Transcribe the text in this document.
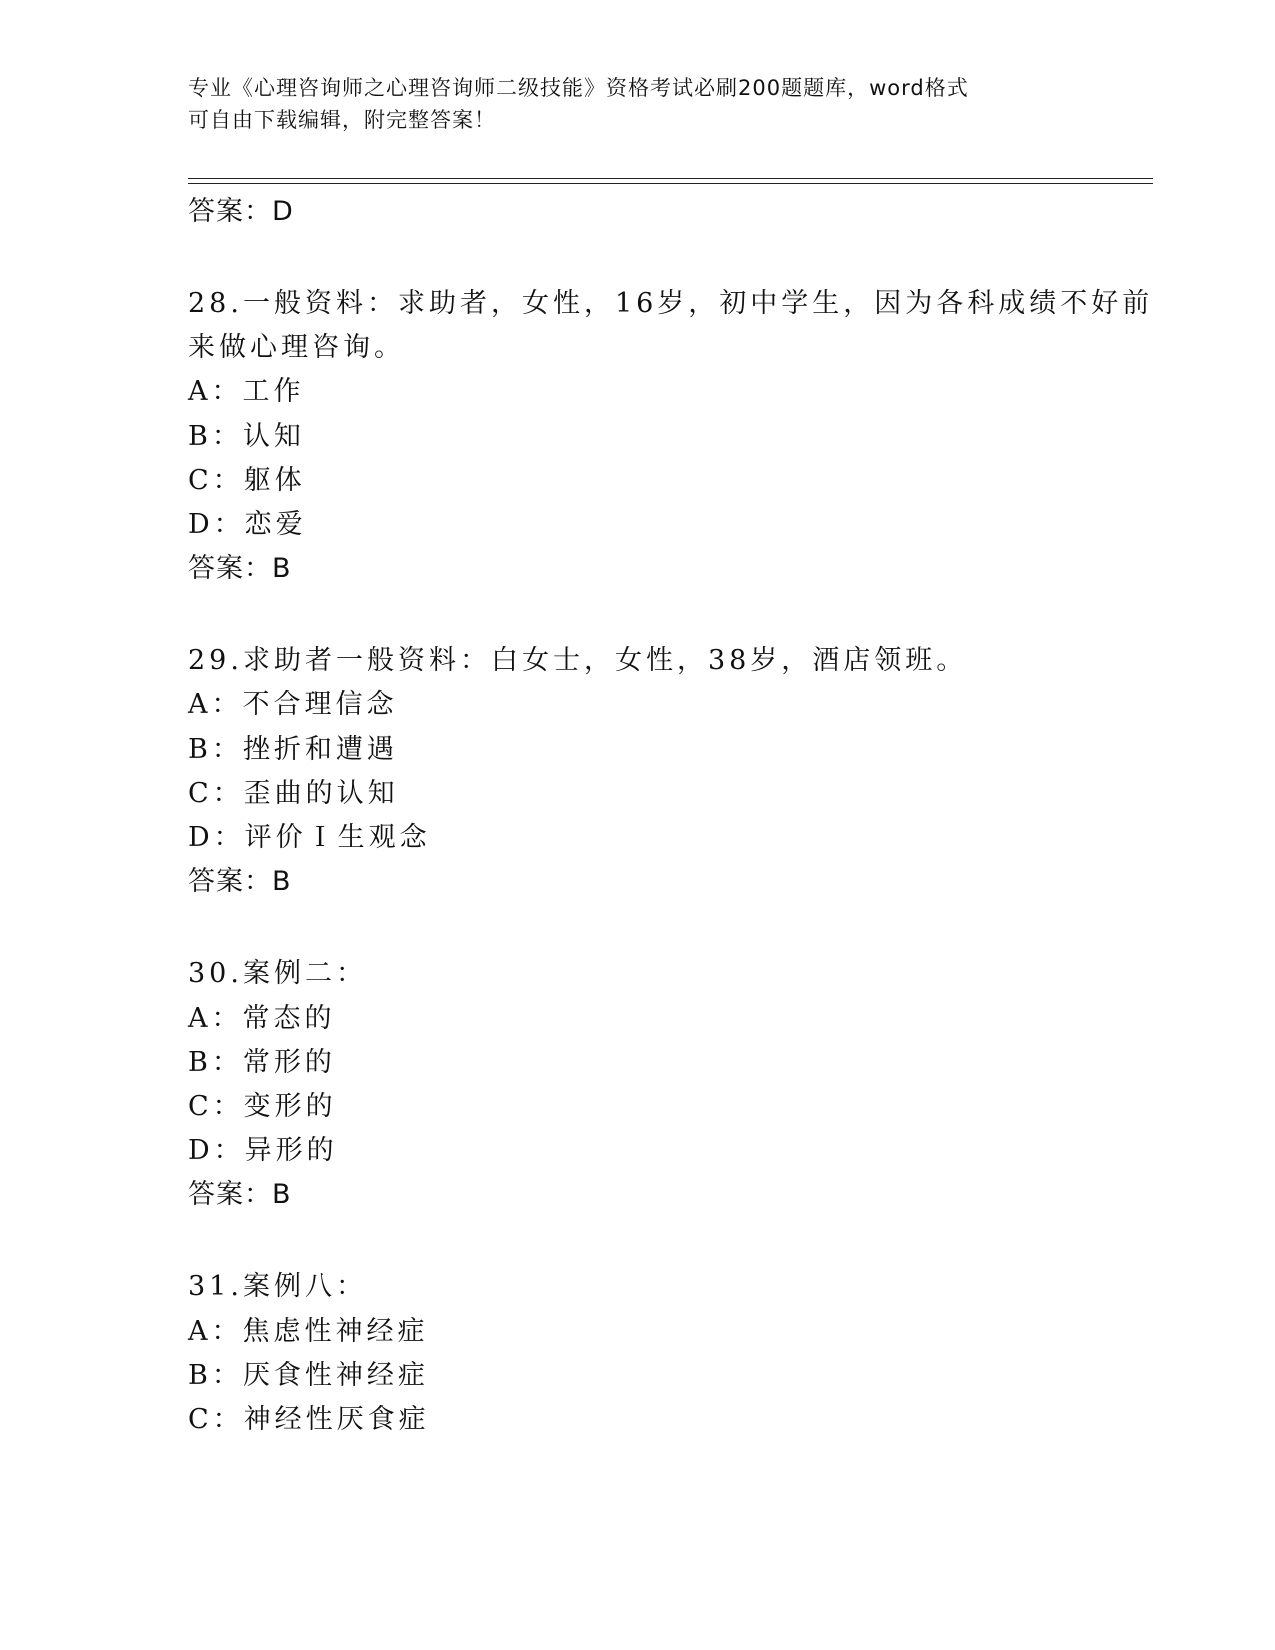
专业《心理咨询师之心理咨询师二级技能》资格考试必刷200题题库，word格式
可自由下载编辑，附完整答案！
答案：D
28.一般资料：求助者，女性，16岁，初中学生，因为各科成绩不好前
来做心理咨询。
A：工作
B：认知
C：躯体
D：恋爱
答案：B
29.求助者一般资料：白女士，女性，38岁，酒店领班。
A：不合理信念
B：挫折和遭遇
C：歪曲的认知
D：评价Ｉ生观念
答案：B
30.案例二：
A：常态的
B：常形的
C：变形的
D：异形的
答案：B
31.案例八：
A：焦虑性神经症
B：厌食性神经症
C：神经性厌食症
